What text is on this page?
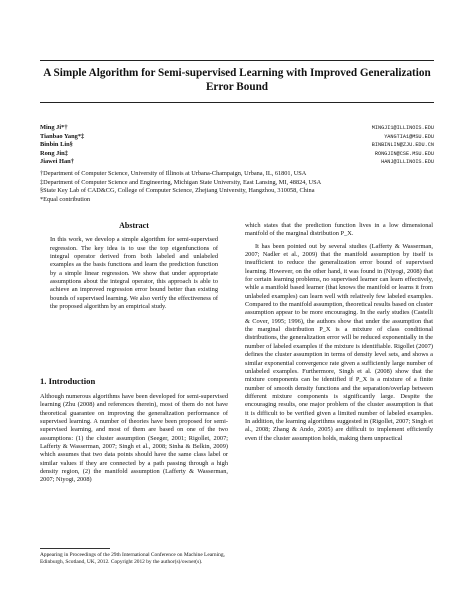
A Simple Algorithm for Semi-supervised Learning with Improved Generalization Error Bound
Ming Ji*†	MINGJI1@ILLINOIS.EDU
Tianbao Yang*‡	YANGTIA1@MSU.EDU
Binbin Lin§	BINBINLIN@ZJU.EDU.CN
Rong Jin‡	RONGJIN@CSE.MSU.EDU
Jiawei Han†	HANJ@ILLINOIS.EDU

†Department of Computer Science, University of Illinois at Urbana-Champaign, Urbana, IL, 61801, USA

‡Department of Computer Science and Engineering, Michigan State University, East Lansing, MI, 48824, USA

§State Key Lab of CAD&CG, College of Computer Science, Zhejiang University, Hangzhou, 310058, China

*Equal contribution

Abstract

In this work, we develop a simple algorithm for semi-supervised regression. The key idea is to use the top eigenfunctions of integral operator derived from both labeled and unlabeled examples as the basis functions and learn the prediction function by a simple linear regression. We show that under appropriate assumptions about the integral operator, this approach is able to achieve an improved regression error bound better than existing bounds of supervised learning. We also verify the effectiveness of the proposed algorithm by an empirical study.

1. Introduction

Although numerous algorithms have been developed for semi-supervised learning (Zhu (2008) and references therein), most of them do not have theoretical guarantee on improving the generalization performance of supervised learning. A number of theories have been proposed for semi-supervised learning, and most of them are based on one of the two assumptions: (1) the cluster assumption (Seeger, 2001; Rigollet, 2007; Lafferty & Wasserman, 2007; Singh et al., 2008; Sinha & Belkin, 2009) which assumes that two data points should have the same class label or similar values if they are connected by a path passing through a high density region, (2) the manifold assumption (Lafferty & Wasserman, 2007; Niyogi, 2008)

Appearing in Proceedings of the 29th International Conference on Machine Learning, Edinburgh, Scotland, UK, 2012. Copyright 2012 by the author(s)/owner(s).

which states that the prediction function lives in a low dimensional manifold of the marginal distribution P_X.

It has been pointed out by several studies (Lafferty & Wasserman, 2007; Nadler et al., 2009) that the manifold assumption by itself is insufficient to reduce the generalization error bound of supervised learning. However, on the other hand, it was found in (Niyogi, 2008) that for certain learning problems, no supervised learner can learn effectively, while a manifold based learner (that knows the manifold or learns it from unlabeled examples) can learn well with relatively few labeled examples. Compared to the manifold assumption, theoretical results based on cluster assumption appear to be more encouraging. In the early studies (Castelli & Cover, 1995; 1996), the authors show that under the assumption that the marginal distribution P_X is a mixture of class conditional distributions, the generalization error will be reduced exponentially in the number of labeled examples if the mixture is identifiable. Rigollet (2007) defines the cluster assumption in terms of density level sets, and shows a similar exponential convergence rate given a sufficiently large number of unlabeled examples. Furthermore, Singh et al. (2008) show that the mixture components can be identified if P_X is a mixture of a finite number of smooth density functions and the separation/overlap between different mixture components is significantly large. Despite the encouraging results, one major problem of the cluster assumption is that it is difficult to be verified given a limited number of labeled examples. In addition, the learning algorithms suggested in (Rigollet, 2007; Singh et al., 2008; Zhang & Ando, 2005) are difficult to implement efficiently even if the cluster assumption holds, making them unpractical
